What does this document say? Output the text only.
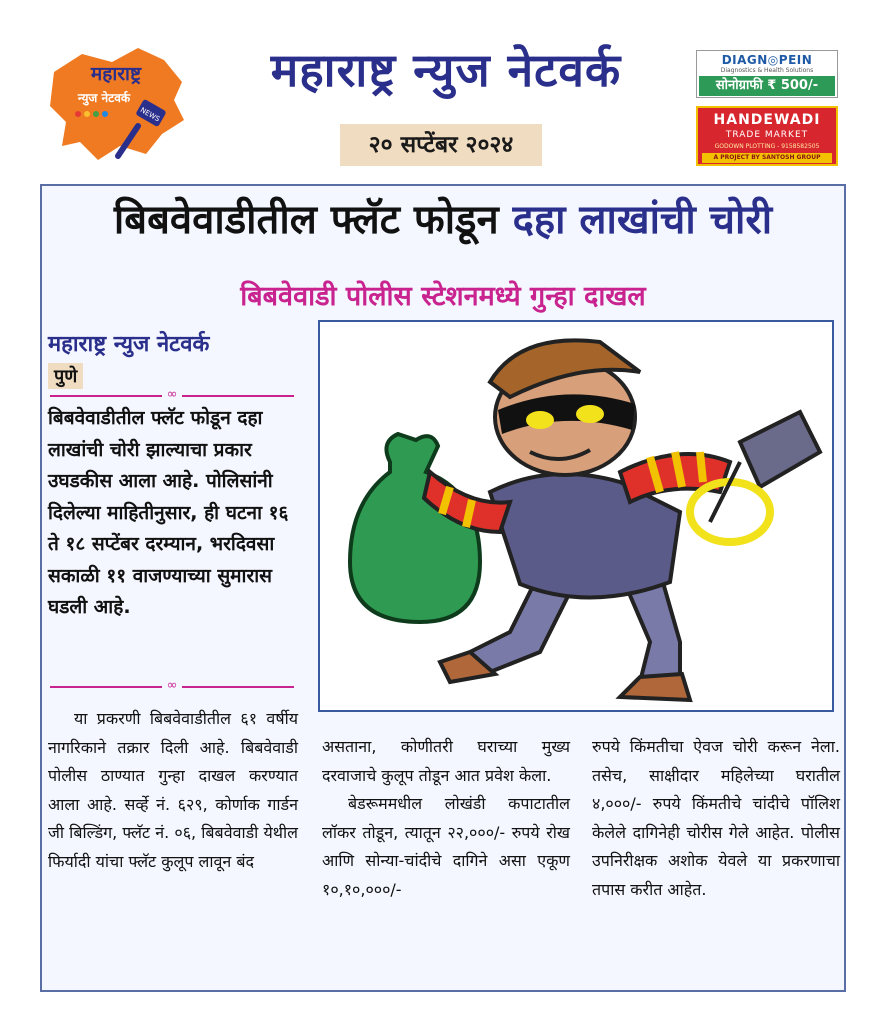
महाराष्ट्र
न्युज नेटवर्क
NEWS
महाराष्ट्र न्युज नेटवर्क
२० सप्टेंबर २०२४
DIAGN◎PEIN
Diagnostics & Health Solutions
सोनोग्राफी ₹ 500/-
HANDEWADI
TRADE MARKET
GODOWN PLOTTING - 9158582505
A PROJECT BY SANTOSH GROUP
बिबवेवाडीतील फ्लॅट फोडून दहा लाखांची चोरी
बिबवेवाडी पोलीस स्टेशनमध्ये गुन्हा दाखल
महाराष्ट्र न्युज नेटवर्क
पुणे
∞
बिबवेवाडीतील फ्लॅट फोडून दहा लाखांची चोरी झाल्याचा प्रकार उघडकीस आला आहे. पोलिसांनी दिलेल्या माहितीनुसार, ही घटना १६ ते १८ सप्टेंबर दरम्यान, भरदिवसा सकाळी ११ वाजण्याच्या सुमारास घडली आहे.
∞

या प्रकरणी बिबवेवाडीतील ६१ वर्षीय नागरिकाने तक्रार दिली आहे. बिबवेवाडी पोलीस ठाण्यात गुन्हा दाखल करण्यात आला आहे. सर्व्हे नं. ६२९, कोर्णाक गार्डन जी बिल्डिंग, फ्लॅट नं. ०६, बिबवेवाडी येथील फिर्यादी यांचा फ्लॅट कुलूप लावून बंद

असताना, कोणीतरी घराच्या मुख्य दरवाजाचे कुलूप तोडून आत प्रवेश केला.

बेडरूममधील लोखंडी कपाटातील लॉकर तोडून, त्यातून २२,०००/- रुपये रोख आणि सोन्या-चांदीचे दागिने असा एकूण १०,१०,०००/-

रुपये किंमतीचा ऐवज चोरी करून नेला. तसेच, साक्षीदार महिलेच्या घरातील ४,०००/- रुपये किंमतीचे चांदीचे पॉलिश केलेले दागिनेही चोरीस गेले आहेत. पोलीस उपनिरीक्षक अशोक येवले या प्रकरणाचा तपास करीत आहेत.
